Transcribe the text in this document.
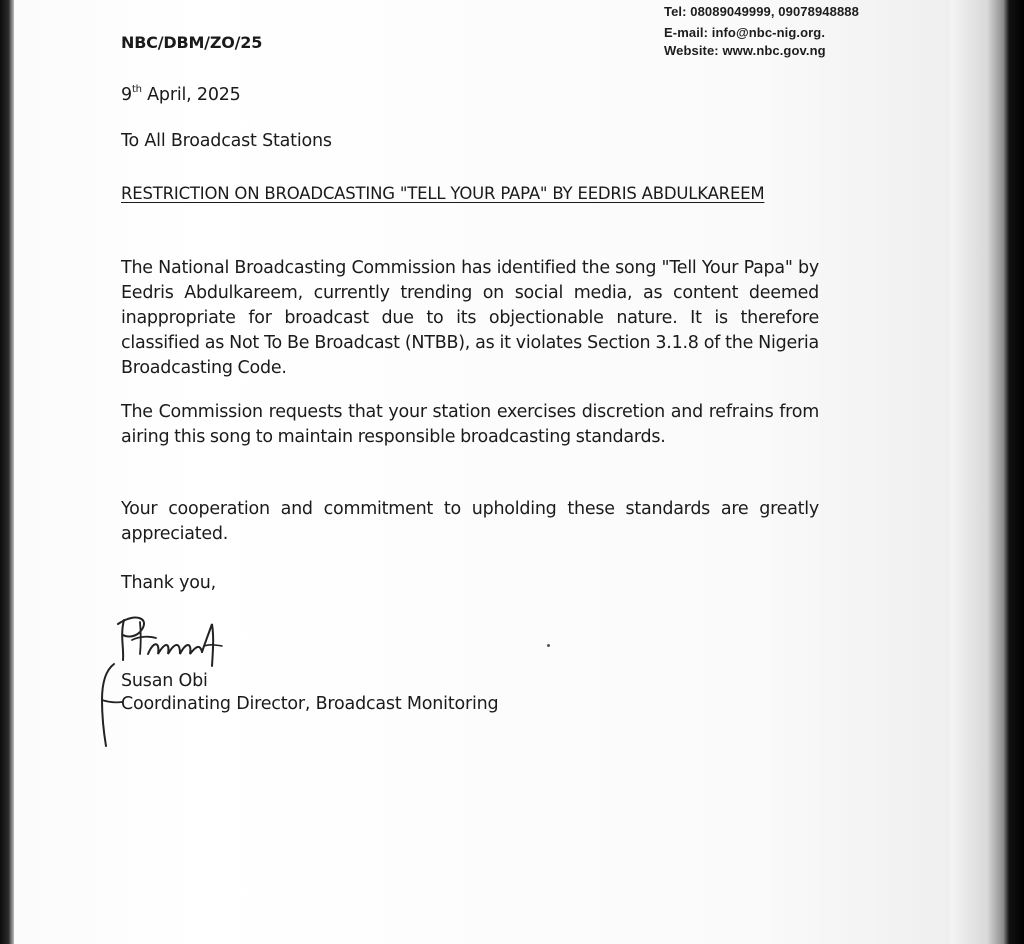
Tel: 08089049999, 09078948888
E-mail: info@nbc-nig.org.
Website: www.nbc.gov.ng
NBC/DBM/ZO/25
9th April, 2025
To All Broadcast Stations
RESTRICTION ON BROADCASTING "TELL YOUR PAPA" BY EEDRIS ABDULKAREEM
The National Broadcasting Commission has identified the song "Tell Your Papa" by Eedris Abdulkareem, currently trending on social media, as content deemed inappropriate for broadcast due to its objectionable nature. It is therefore classified as Not To Be Broadcast (NTBB), as it violates Section 3.1.8 of the Nigeria Broadcasting Code.
The Commission requests that your station exercises discretion and refrains from airing this song to maintain responsible broadcasting standards.
Your cooperation and commitment to upholding these standards are greatly appreciated.
Thank you,
Susan Obi
Coordinating Director, Broadcast Monitoring
